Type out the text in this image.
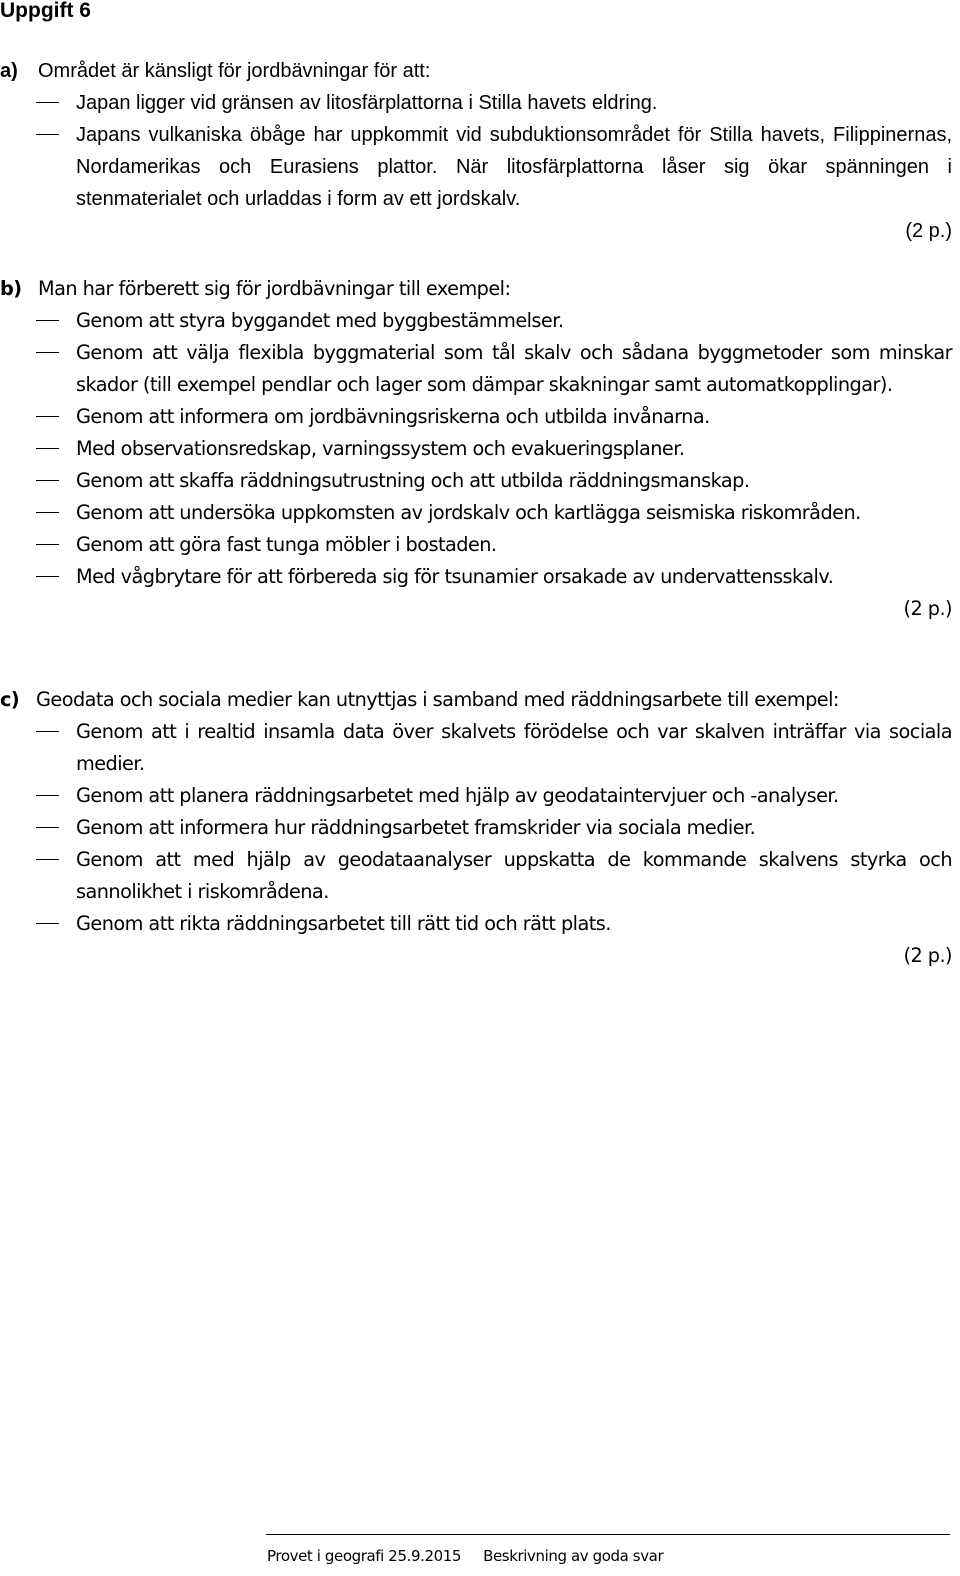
Uppgift 6
a) Området är känsligt för jordbävningar för att:
Japan ligger vid gränsen av litosfärplattorna i Stilla havets eldring.
Japans vulkaniska öbåge har uppkommit vid subduktionsområdet för Stilla havets, Filippinernas, Nordamerikas och Eurasiens plattor. När litosfärplattorna låser sig ökar spänningen i stenmaterialet och urladdas i form av ett jordskalv.
(2 p.)
b) Man har förberett sig för jordbävningar till exempel:
Genom att styra byggandet med byggbestämmelser.
Genom att välja flexibla byggmaterial som tål skalv och sådana byggmetoder som minskar skador (till exempel pendlar och lager som dämpar skakningar samt automatkopplingar).
Genom att informera om jordbävningsriskerna och utbilda invånarna.
Med observationsredskap, varningssystem och evakueringsplaner.
Genom att skaffa räddningsutrustning och att utbilda räddningsmanskap.
Genom att undersöka uppkomsten av jordskalv och kartlägga seismiska riskområden.
Genom att göra fast tunga möbler i bostaden.
Med vågbrytare för att förbereda sig för tsunamier orsakade av undervattensskalv.
(2 p.)
c) Geodata och sociala medier kan utnyttjas i samband med räddningsarbete till exempel:
Genom att i realtid insamla data över skalvets förödelse och var skalven inträffar via sociala medier.
Genom att planera räddningsarbetet med hjälp av geodataintervjuer och -analyser.
Genom att informera hur räddningsarbetet framskrider via sociala medier.
Genom att med hjälp av geodataanalyser uppskatta de kommande skalvens styrka och sannolikhet i riskområdena.
Genom att rikta räddningsarbetet till rätt tid och rätt plats.
(2 p.)
Provet i geografi 25.9.2015 Beskrivning av goda svar
